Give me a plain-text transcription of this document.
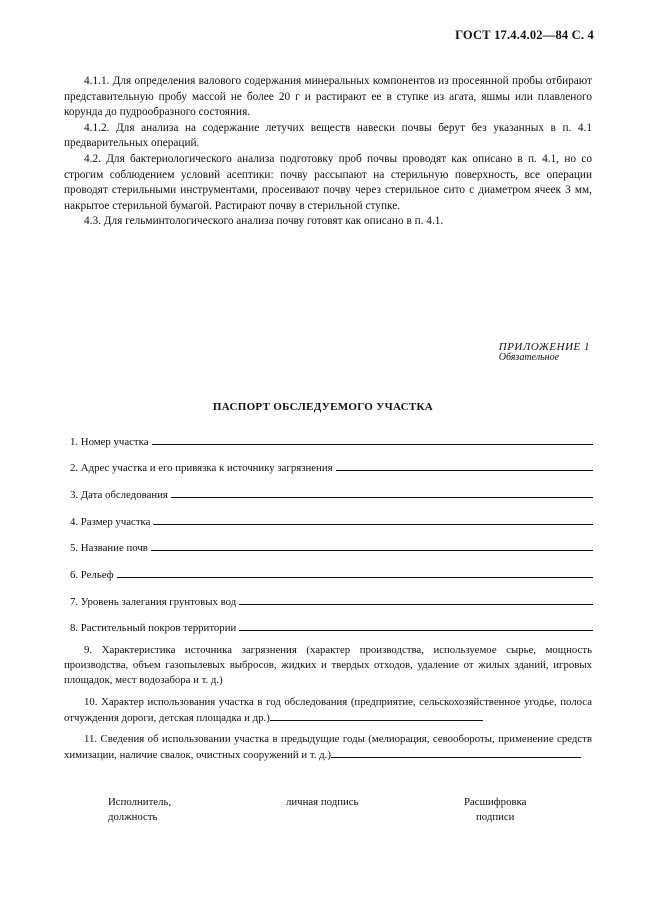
ГОСТ 17.4.4.02—84 С. 4

4.1.1. Для определения валового содержания минеральных компонентов из просеянной пробы отбирают представительную пробу массой не более 20 г и растирают ее в ступке из агата, яшмы или плавленого корунда до пудрообразного состояния.

4.1.2. Для анализа на содержание летучих веществ навески почвы берут без указанных в п. 4.1 предварительных операций.

4.2. Для бактериологического анализа подготовку проб почвы проводят как описано в п. 4.1, но со строгим соблюдением условий асептики: почву рассыпают на стерильную поверхность, все операции проводят стерильными инструментами, просеивают почву через стерильное сито с диаметром ячеек 3 мм, накрытое стерильной бумагой. Растирают почву в стерильной ступке.

4.3. Для гельминтологического анализа почву готовят как описано в п. 4.1.

ПРИЛОЖЕНИЕ 1
Обязательное
ПАСПОРТ ОБСЛЕДУЕМОГО УЧАСТКА
1. Номер участка
2. Адрес участка и его привязка к источнику загрязнения
3. Дата обследования
4. Размер участка
5. Название почв
6. Рельеф
7. Уровень залегания грунтовых вод
8. Растительный покров территории
9. Характеристика источника загрязнения (характер производства, используемое сырье, мощность производства, объем газопылевых выбросов, жидких и твердых отходов, удаление от жилых зданий, игровых площадок, мест водозабора и т. д.)
10. Характер использования участка в год обследования (предприятие, сельскохозяйственное угодье, полоса отчуждения дороги, детская площадка и др.)
11. Сведения об использовании участка в предыдущие годы (мелиорация, севообороты, применение средств химизации, наличие свалок, очистных сооружений и т. д.)
Исполнитель,
должность
личная подпись	Расшифровка
подписи
